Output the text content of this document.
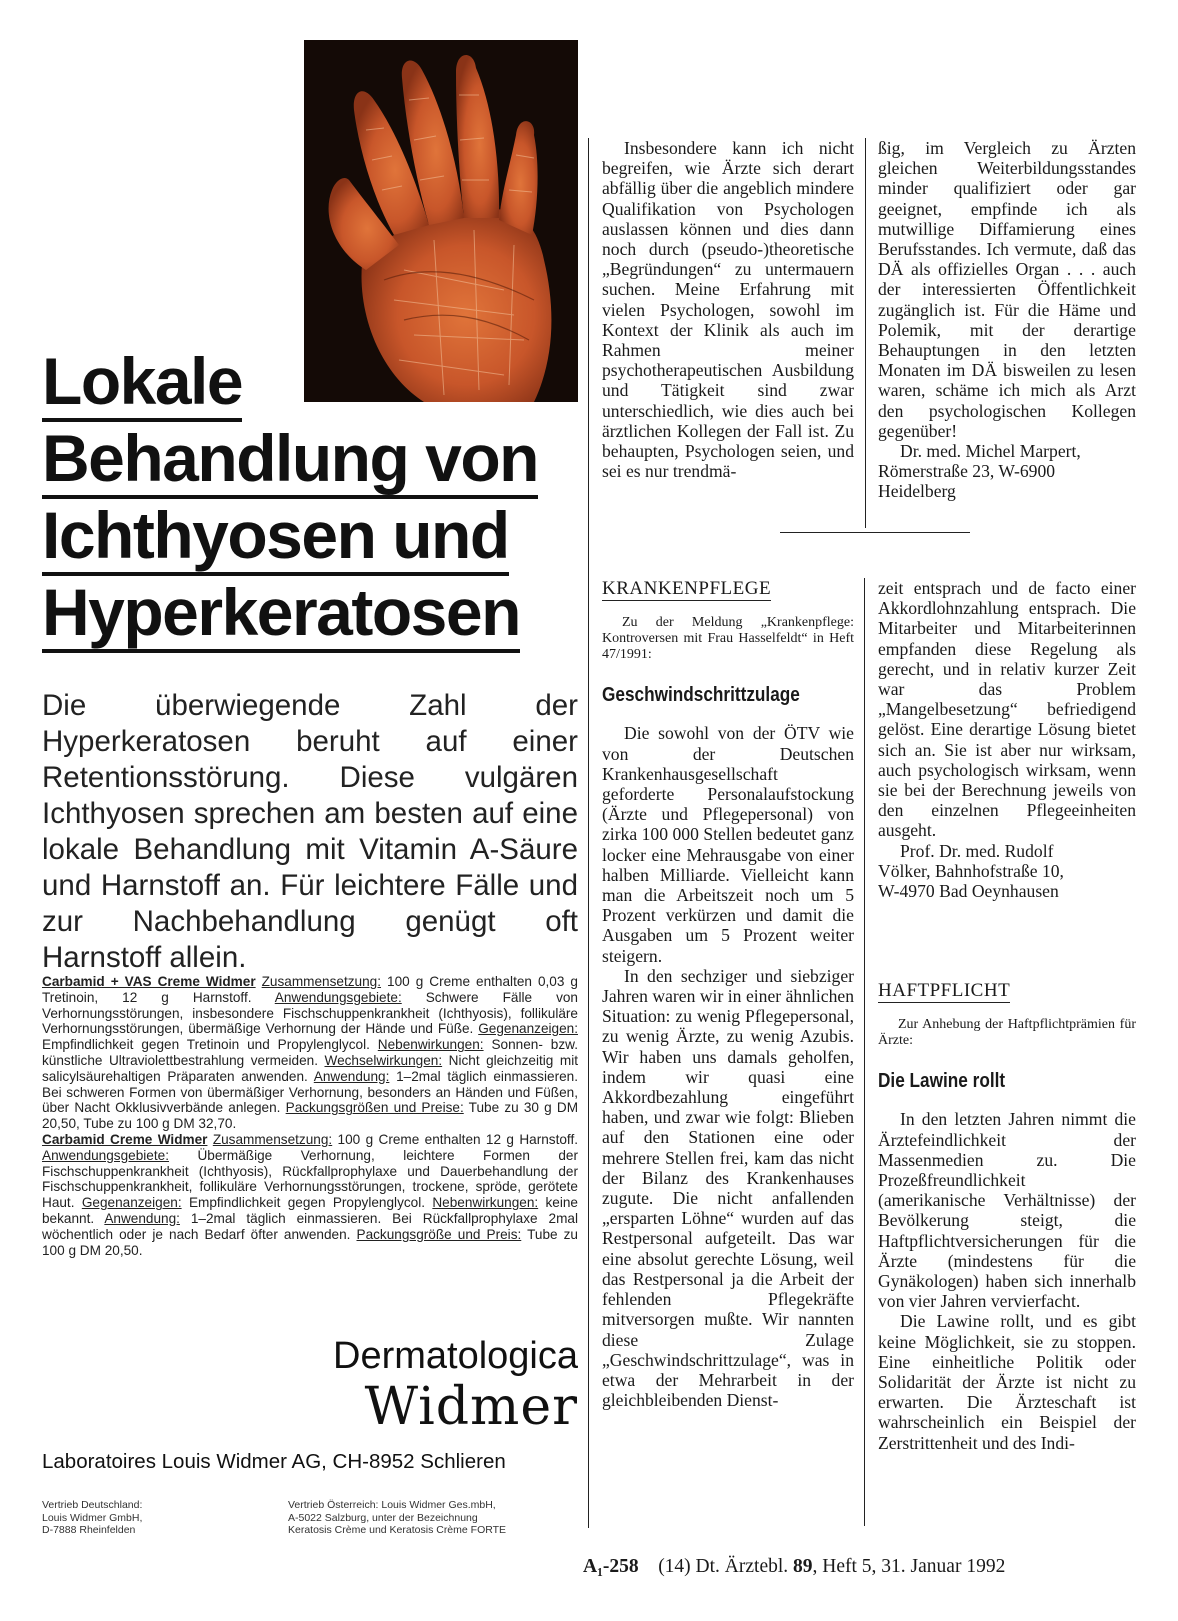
Lokale
Behandlung von
Ichthyosen und
Hyperkeratosen
Die überwiegende Zahl der Hyperkeratosen beruht auf einer Retentionsstörung. Diese vulgären Ichthyosen sprechen am besten auf eine lokale Behandlung mit Vitamin A-Säure und Harnstoff an. Für leichtere Fälle und zur Nachbehandlung genügt oft Harnstoff allein.
Carbamid + VAS Creme Widmer Zusammensetzung: 100 g Creme enthalten 0,03 g Tretinoin, 12 g Harnstoff. Anwendungsgebiete: Schwere Fälle von Verhornungsstörungen, insbesondere Fischschuppenkrankheit (Ichthyosis), follikuläre Verhornungsstörungen, übermäßige Verhornung der Hände und Füße. Gegenanzeigen: Empfindlichkeit gegen Tretinoin und Propylenglycol. Nebenwirkungen: Sonnen- bzw. künstliche Ultraviolettbestrahlung vermeiden. Wechselwirkungen: Nicht gleichzeitig mit salicylsäurehaltigen Präparaten anwenden. Anwendung: 1–2mal täglich einmassieren. Bei schweren Formen von übermäßiger Verhornung, besonders an Händen und Füßen, über Nacht Okklusivverbände anlegen. Packungsgrößen und Preise: Tube zu 30 g DM 20,50, Tube zu 100 g DM 32,70.
Carbamid Creme Widmer Zusammensetzung: 100 g Creme enthalten 12 g Harnstoff. Anwendungsgebiete: Übermäßige Verhornung, leichtere Formen der Fischschuppenkrankheit (Ichthyosis), Rückfallprophylaxe und Dauerbehandlung der Fischschuppenkrankheit, follikuläre Verhornungsstörungen, trockene, spröde, gerötete Haut. Gegenanzeigen: Empfindlichkeit gegen Propylenglycol. Nebenwirkungen: keine bekannt. Anwendung: 1–2mal täglich einmassieren. Bei Rückfallprophylaxe 2mal wöchentlich oder je nach Bedarf öfter anwenden. Packungsgröße und Preis: Tube zu 100 g DM 20,50.
Dermatologica
Widmer
Laboratoires Louis Widmer AG, CH-8952 Schlieren
Vertrieb Deutschland:
Louis Widmer GmbH,
D-7888 Rheinfelden
Vertrieb Österreich: Louis Widmer Ges.mbH,
A-5022 Salzburg, unter der Bezeichnung
Keratosis Crème und Keratosis Crème FORTE

Insbesondere kann ich nicht begreifen, wie Ärzte sich derart abfällig über die angeblich mindere Qualifikation von Psychologen auslassen können und dies dann noch durch (pseudo-)theoretische „Begründungen“ zu untermauern suchen. Meine Erfahrung mit vielen Psychologen, sowohl im Kontext der Klinik als auch im Rahmen meiner psychotherapeutischen Ausbildung und Tätigkeit sind zwar unterschiedlich, wie dies auch bei ärztlichen Kollegen der Fall ist. Zu behaupten, Psychologen seien, und sei es nur trendmä-

ßig, im Vergleich zu Ärzten gleichen Weiterbildungsstandes minder qualifiziert oder gar geeignet, empfinde ich als mutwillige Diffamierung eines Berufsstandes. Ich vermute, daß das DÄ als offizielles Organ . . . auch der interessierten Öffentlichkeit zugänglich ist. Für die Häme und Polemik, mit der derartige Behauptungen in den letzten Monaten im DÄ bisweilen zu lesen waren, schäme ich mich als Arzt den psychologischen Kollegen gegenüber!

Dr. med. Michel Marpert,
Römerstraße 23, W-6900
Heidelberg

KRANKENPFLEGE
Zu der Meldung „Krankenpflege: Kontroversen mit Frau Hasselfeldt“ in Heft 47/1991:
Geschwindschrittzulage

Die sowohl von der ÖTV wie von der Deutschen Krankenhausgesellschaft geforderte Personalaufstockung (Ärzte und Pflegepersonal) von zirka 100 000 Stellen bedeutet ganz locker eine Mehrausgabe von einer halben Milliarde. Vielleicht kann man die Arbeitszeit noch um 5 Prozent verkürzen und damit die Ausgaben um 5 Prozent weiter steigern.

In den sechziger und siebziger Jahren waren wir in einer ähnlichen Situation: zu wenig Pflegepersonal, zu wenig Ärzte, zu wenig Azubis. Wir haben uns damals geholfen, indem wir quasi eine Akkordbezahlung eingeführt haben, und zwar wie folgt: Blieben auf den Stationen eine oder mehrere Stellen frei, kam das nicht der Bilanz des Krankenhauses zugute. Die nicht anfallenden „ersparten Löhne“ wurden auf das Restpersonal aufgeteilt. Das war eine absolut gerechte Lösung, weil das Restpersonal ja die Arbeit der fehlenden Pflegekräfte mitversorgen mußte. Wir nannten diese Zulage „Geschwindschrittzulage“, was in etwa der Mehrarbeit in der gleichbleibenden Dienst-

zeit entsprach und de facto einer Akkordlohnzahlung entsprach. Die Mitarbeiter und Mitarbeiterinnen empfanden diese Regelung als gerecht, und in relativ kurzer Zeit war das Problem „Mangelbesetzung“ befriedigend gelöst. Eine derartige Lösung bietet sich an. Sie ist aber nur wirksam, auch psychologisch wirksam, wenn sie bei der Berechnung jeweils von den einzelnen Pflegeeinheiten ausgeht.

Prof. Dr. med. Rudolf
Völker, Bahnhofstraße 10,
W-4970 Bad Oeynhausen

HAFTPFLICHT
Zur Anhebung der Haftpflichtprämien für Ärzte:
Die Lawine rollt

In den letzten Jahren nimmt die Ärztefeindlichkeit der Massenmedien zu. Die Prozeßfreundlichkeit (amerikanische Verhältnisse) der Bevölkerung steigt, die Haftpflichtversicherungen für die Ärzte (mindestens für die Gynäkologen) haben sich innerhalb von vier Jahren vervierfacht.

Die Lawine rollt, und es gibt keine Möglichkeit, sie zu stoppen. Eine einheitliche Politik oder Solidarität der Ärzte ist nicht zu erwarten. Die Ärzteschaft ist wahrscheinlich ein Beispiel der Zerstrittenheit und des Indi-

A₁-258 (14) Dt. Ärztebl. 89, Heft 5, 31. Januar 1992
